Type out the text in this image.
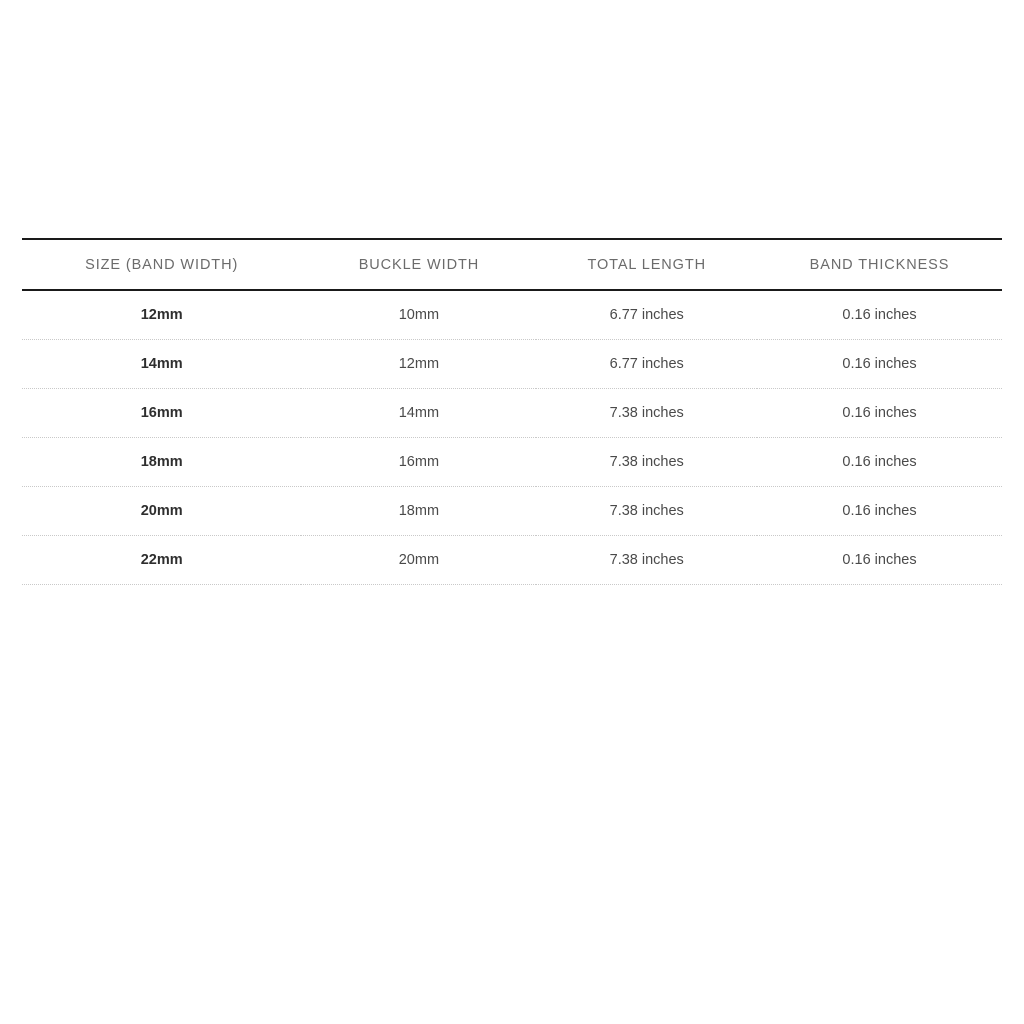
SIZE (BAND WIDTH)	BUCKLE WIDTH	TOTAL LENGTH	BAND THICKNESS
12mm	10mm	6.77 inches	0.16 inches
14mm	12mm	6.77 inches	0.16 inches
16mm	14mm	7.38 inches	0.16 inches
18mm	16mm	7.38 inches	0.16 inches
20mm	18mm	7.38 inches	0.16 inches
22mm	20mm	7.38 inches	0.16 inches
